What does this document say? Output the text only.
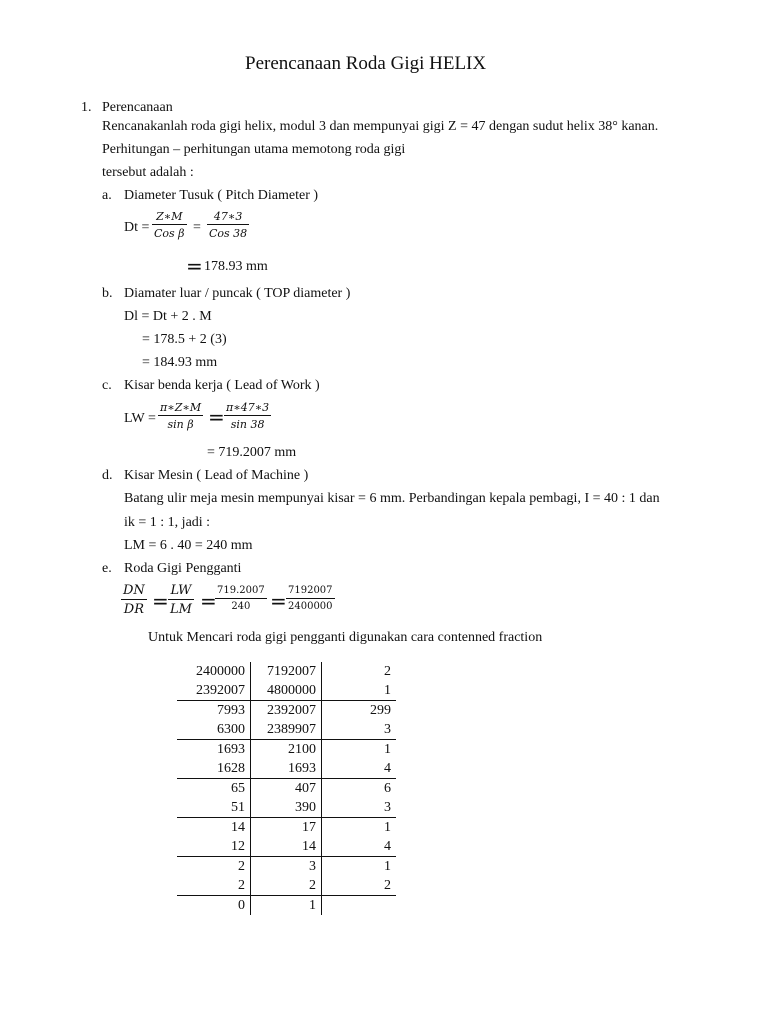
Perencanaan Roda Gigi HELIX
1. Perencanaan
Rencanakanlah roda gigi helix, modul 3 dan mempunyai gigi Z = 47 dengan sudut helix 38° kanan.
Perhitungan – perhitungan utama memotong roda gigi
tersebut adalah :
a. Diameter Tusuk ( Pitch Diameter )
Dt =
Z∗M
Cos β =
47∗3
Cos 38
= 178.93 mm
b. Diamater luar / puncak ( TOP diameter )
Dl = Dt + 2 . M
= 178.5 + 2 (3)
= 184.93 mm
c. Kisar benda kerja ( Lead of Work )
LW = $\frac{\pi∗Z∗M}{\text{sin β}} = \frac{\pi∗47∗3}{\sin 38}$
= 719.2007 mm
d. Kisar Mesin ( Lead of Machine )
Batang ulir meja mesin mempunyai kisar = 6 mm. Perbandingan kepala pembagi, I = 40 : 1 dan
ik = 1 : 1, jadi :
LM = 6 . 40 = 240 mm
e. Roda Gigi Pengganti
$\frac{DN}{DR} = \frac{LW}{LM}$ =
$\frac{719.2007}{240} = \frac{7192007}{2400000}$
Untuk Mencari roda gigi pengganti digunakan cara contenned fraction
2400000	7192007	2
2392007	4800000	1
7993	2392007	299
6300	2389907	3
1693	2100	1
1628	1693	4
65	407	6
51	390	3
14	17	1
12	14	4
2	3	1
2	2	2
0	1	
